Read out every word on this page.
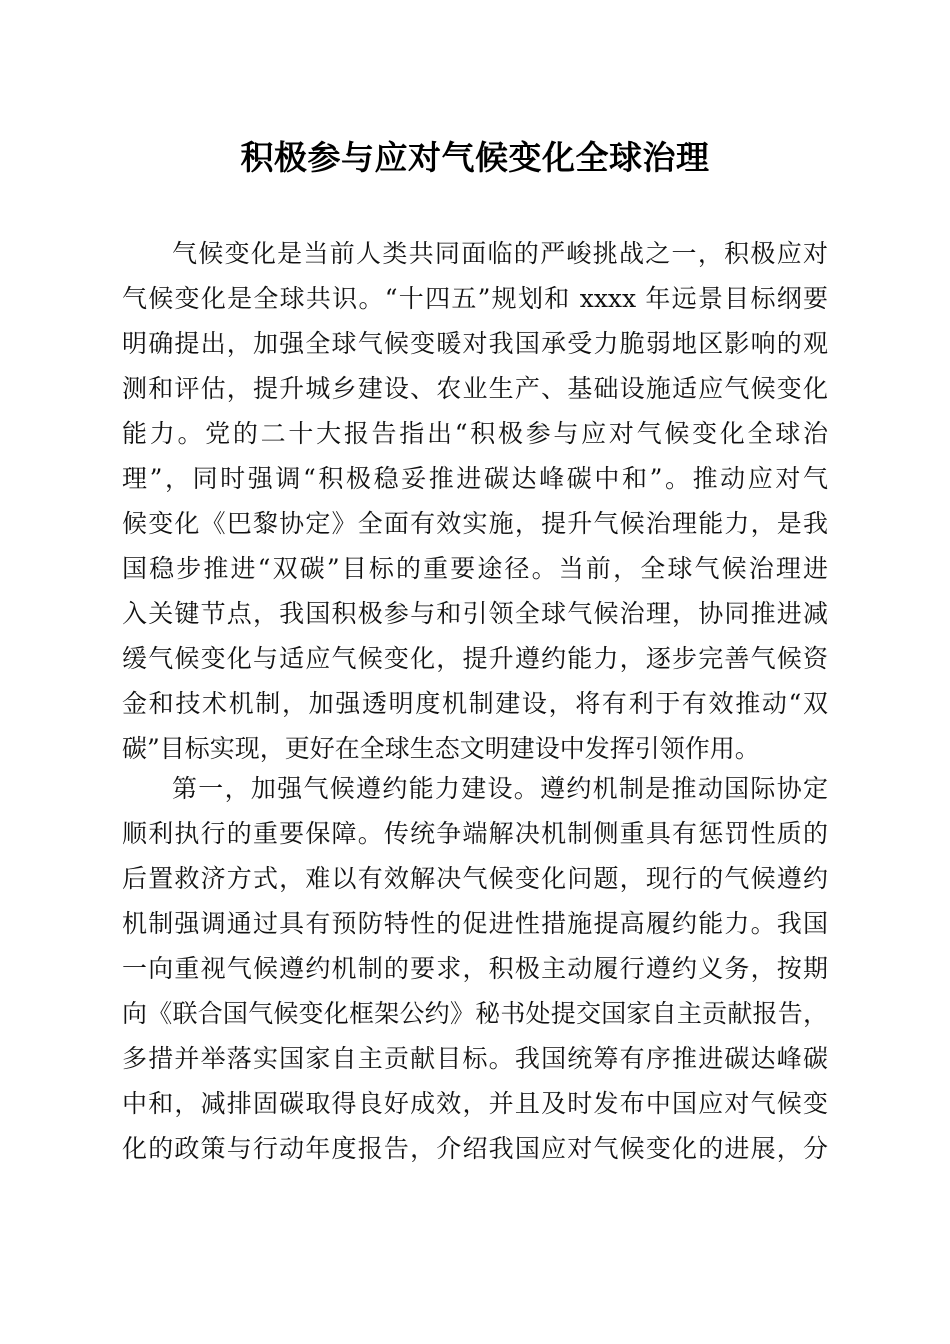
积极参与应对气候变化全球治理
气候变化是当前人类共同面临的严峻挑战之一，积极应对
气候变化是全球共识。“十四五”规划和 xxxx 年远景目标纲要
明确提出，加强全球气候变暖对我国承受力脆弱地区影响的观
测和评估，提升城乡建设、农业生产、基础设施适应气候变化
能力。党的二十大报告指出“积极参与应对气候变化全球治
理”，同时强调“积极稳妥推进碳达峰碳中和”。推动应对气
候变化《巴黎协定》全面有效实施，提升气候治理能力，是我
国稳步推进“双碳”目标的重要途径。当前，全球气候治理进
入关键节点，我国积极参与和引领全球气候治理，协同推进减
缓气候变化与适应气候变化，提升遵约能力，逐步完善气候资
金和技术机制，加强透明度机制建设，将有利于有效推动“双
碳”目标实现，更好在全球生态文明建设中发挥引领作用。
第一，加强气候遵约能力建设。遵约机制是推动国际协定
顺利执行的重要保障。传统争端解决机制侧重具有惩罚性质的
后置救济方式，难以有效解决气候变化问题，现行的气候遵约
机制强调通过具有预防特性的促进性措施提高履约能力。我国
一向重视气候遵约机制的要求，积极主动履行遵约义务，按期
向《联合国气候变化框架公约》秘书处提交国家自主贡献报告，
多措并举落实国家自主贡献目标。我国统筹有序推进碳达峰碳
中和，减排固碳取得良好成效，并且及时发布中国应对气候变
化的政策与行动年度报告，介绍我国应对气候变化的进展，分
